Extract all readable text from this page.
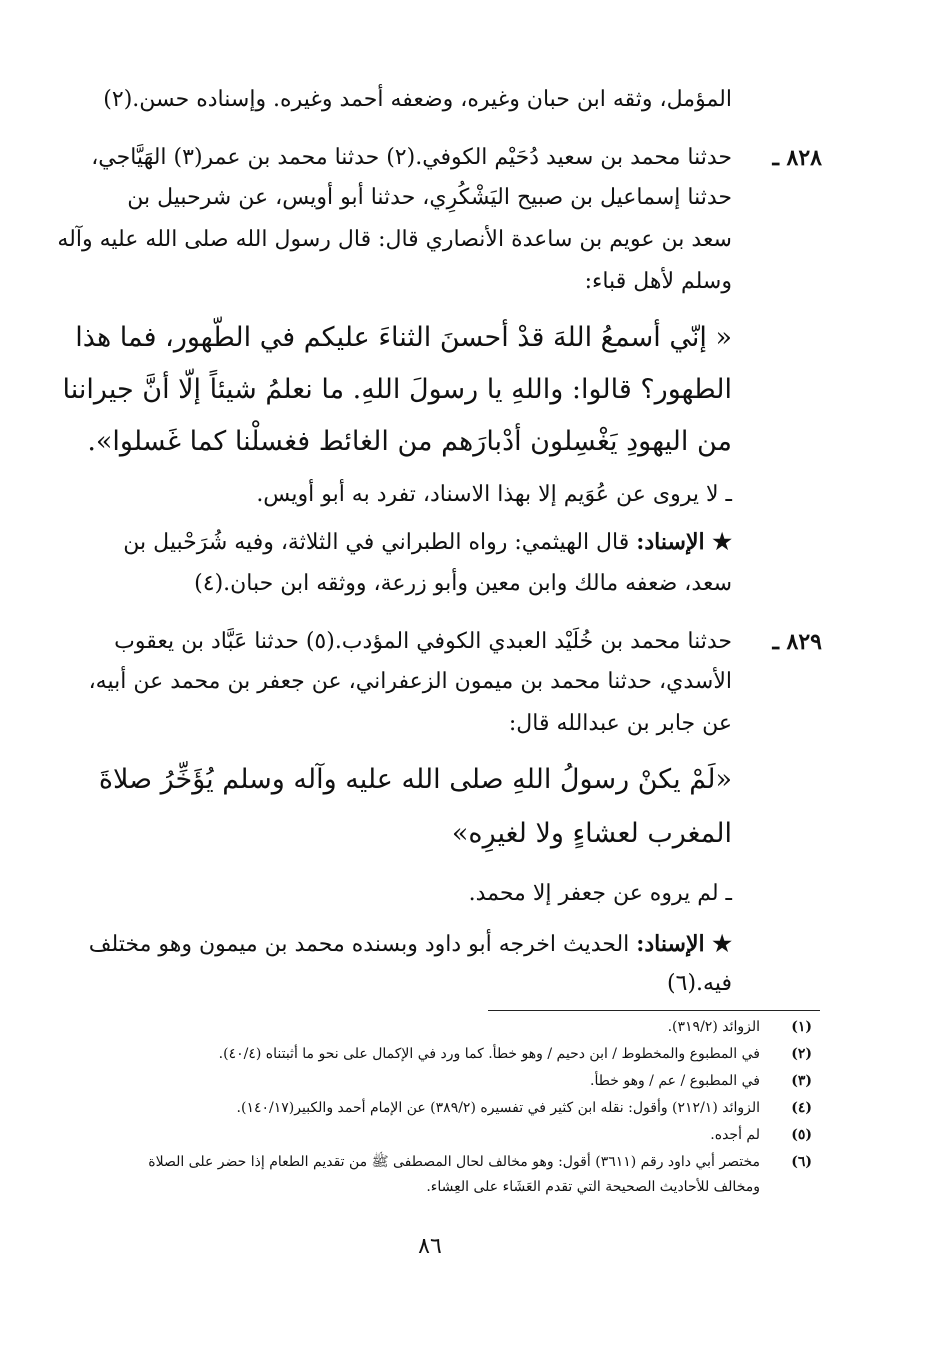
المؤمل، وثقه ابن حبان وغيره، وضعفه أحمد وغيره. وإسناده حسن.(٢)
٨٢٨ ـ
حدثنا محمد بن سعيد دُحَيْم الكوفي.(٢) حدثنا محمد بن عمر(٣) الهَيَّاجي،
حدثنا إسماعيل بن صبيح اليَشْكُرِي، حدثنا أبو أويس، عن شرحبيل بن
سعد بن عويم بن ساعدة الأنصاري قال: قال رسول الله صلى الله عليه وآله
وسلم لأهل قباء:
« إنّي أسمعُ اللهَ قدْ أحسنَ الثناءَ عليكم في الطّهور، فما هذا
الطهور؟ قالوا: واللهِ يا رسولَ اللهِ. ما نعلمُ شيئاً إلّا أنَّ جيراننا
من اليهودِ يَغْسِلون أدْبارَهم من الغائط فغسلْنا كما غَسلوا».
ـ لا يروى عن عُوَيم إلا بهذا الاسناد، تفرد به أبو أويس.
★ الإسناد: قال الهيثمي: رواه الطبراني في الثلاثة، وفيه شُرَحْبيل بن
سعد، ضعفه مالك وابن معين وأبو زرعة، ووثقه ابن حبان.(٤)
٨٢٩ ـ
حدثنا محمد بن خُلَيْد العبدي الكوفي المؤدب.(٥) حدثنا عَبَّاد بن يعقوب
الأسدي، حدثنا محمد بن ميمون الزعفراني، عن جعفر بن محمد عن أبيه،
عن جابر بن عبدالله قال:
«لَمْ يكنْ رسولُ اللهِ صلى الله عليه وآله وسلم يُؤَخِّرُ صلاةَ
المغرب لعشاءٍ ولا لغيرِه»
ـ لم يروه عن جعفر إلا محمد.
★ الإسناد: الحديث اخرجه أبو داود وبسنده محمد بن ميمون وهو مختلف
فيه.(٦)
(١)
الزوائد (٣١٩/٢).
(٢)
في المطبوع والمخطوط / ابن دحيم / وهو خطأ. كما ورد في الإكمال على نحو ما أثبتناه (٤٠/٤).
(٣)
في المطبوع / عم / وهو خطأ.
(٤)
الزوائد (٢١٢/١) وأقول: نقله ابن كثير في تفسيره (٣٨٩/٢) عن الإمام أحمد والكبير(١٤٠/١٧).
(٥)
لم أجده.
(٦)
مختصر أبي داود رقم (٣٦١١) أقول: وهو مخالف لحال المصطفى ﷺ من تقديم الطعام إذا حضر على الصلاة
ومخالف للأحاديث الصحيحة التي تقدم العَشَاء على العِشاء.
٨٦
